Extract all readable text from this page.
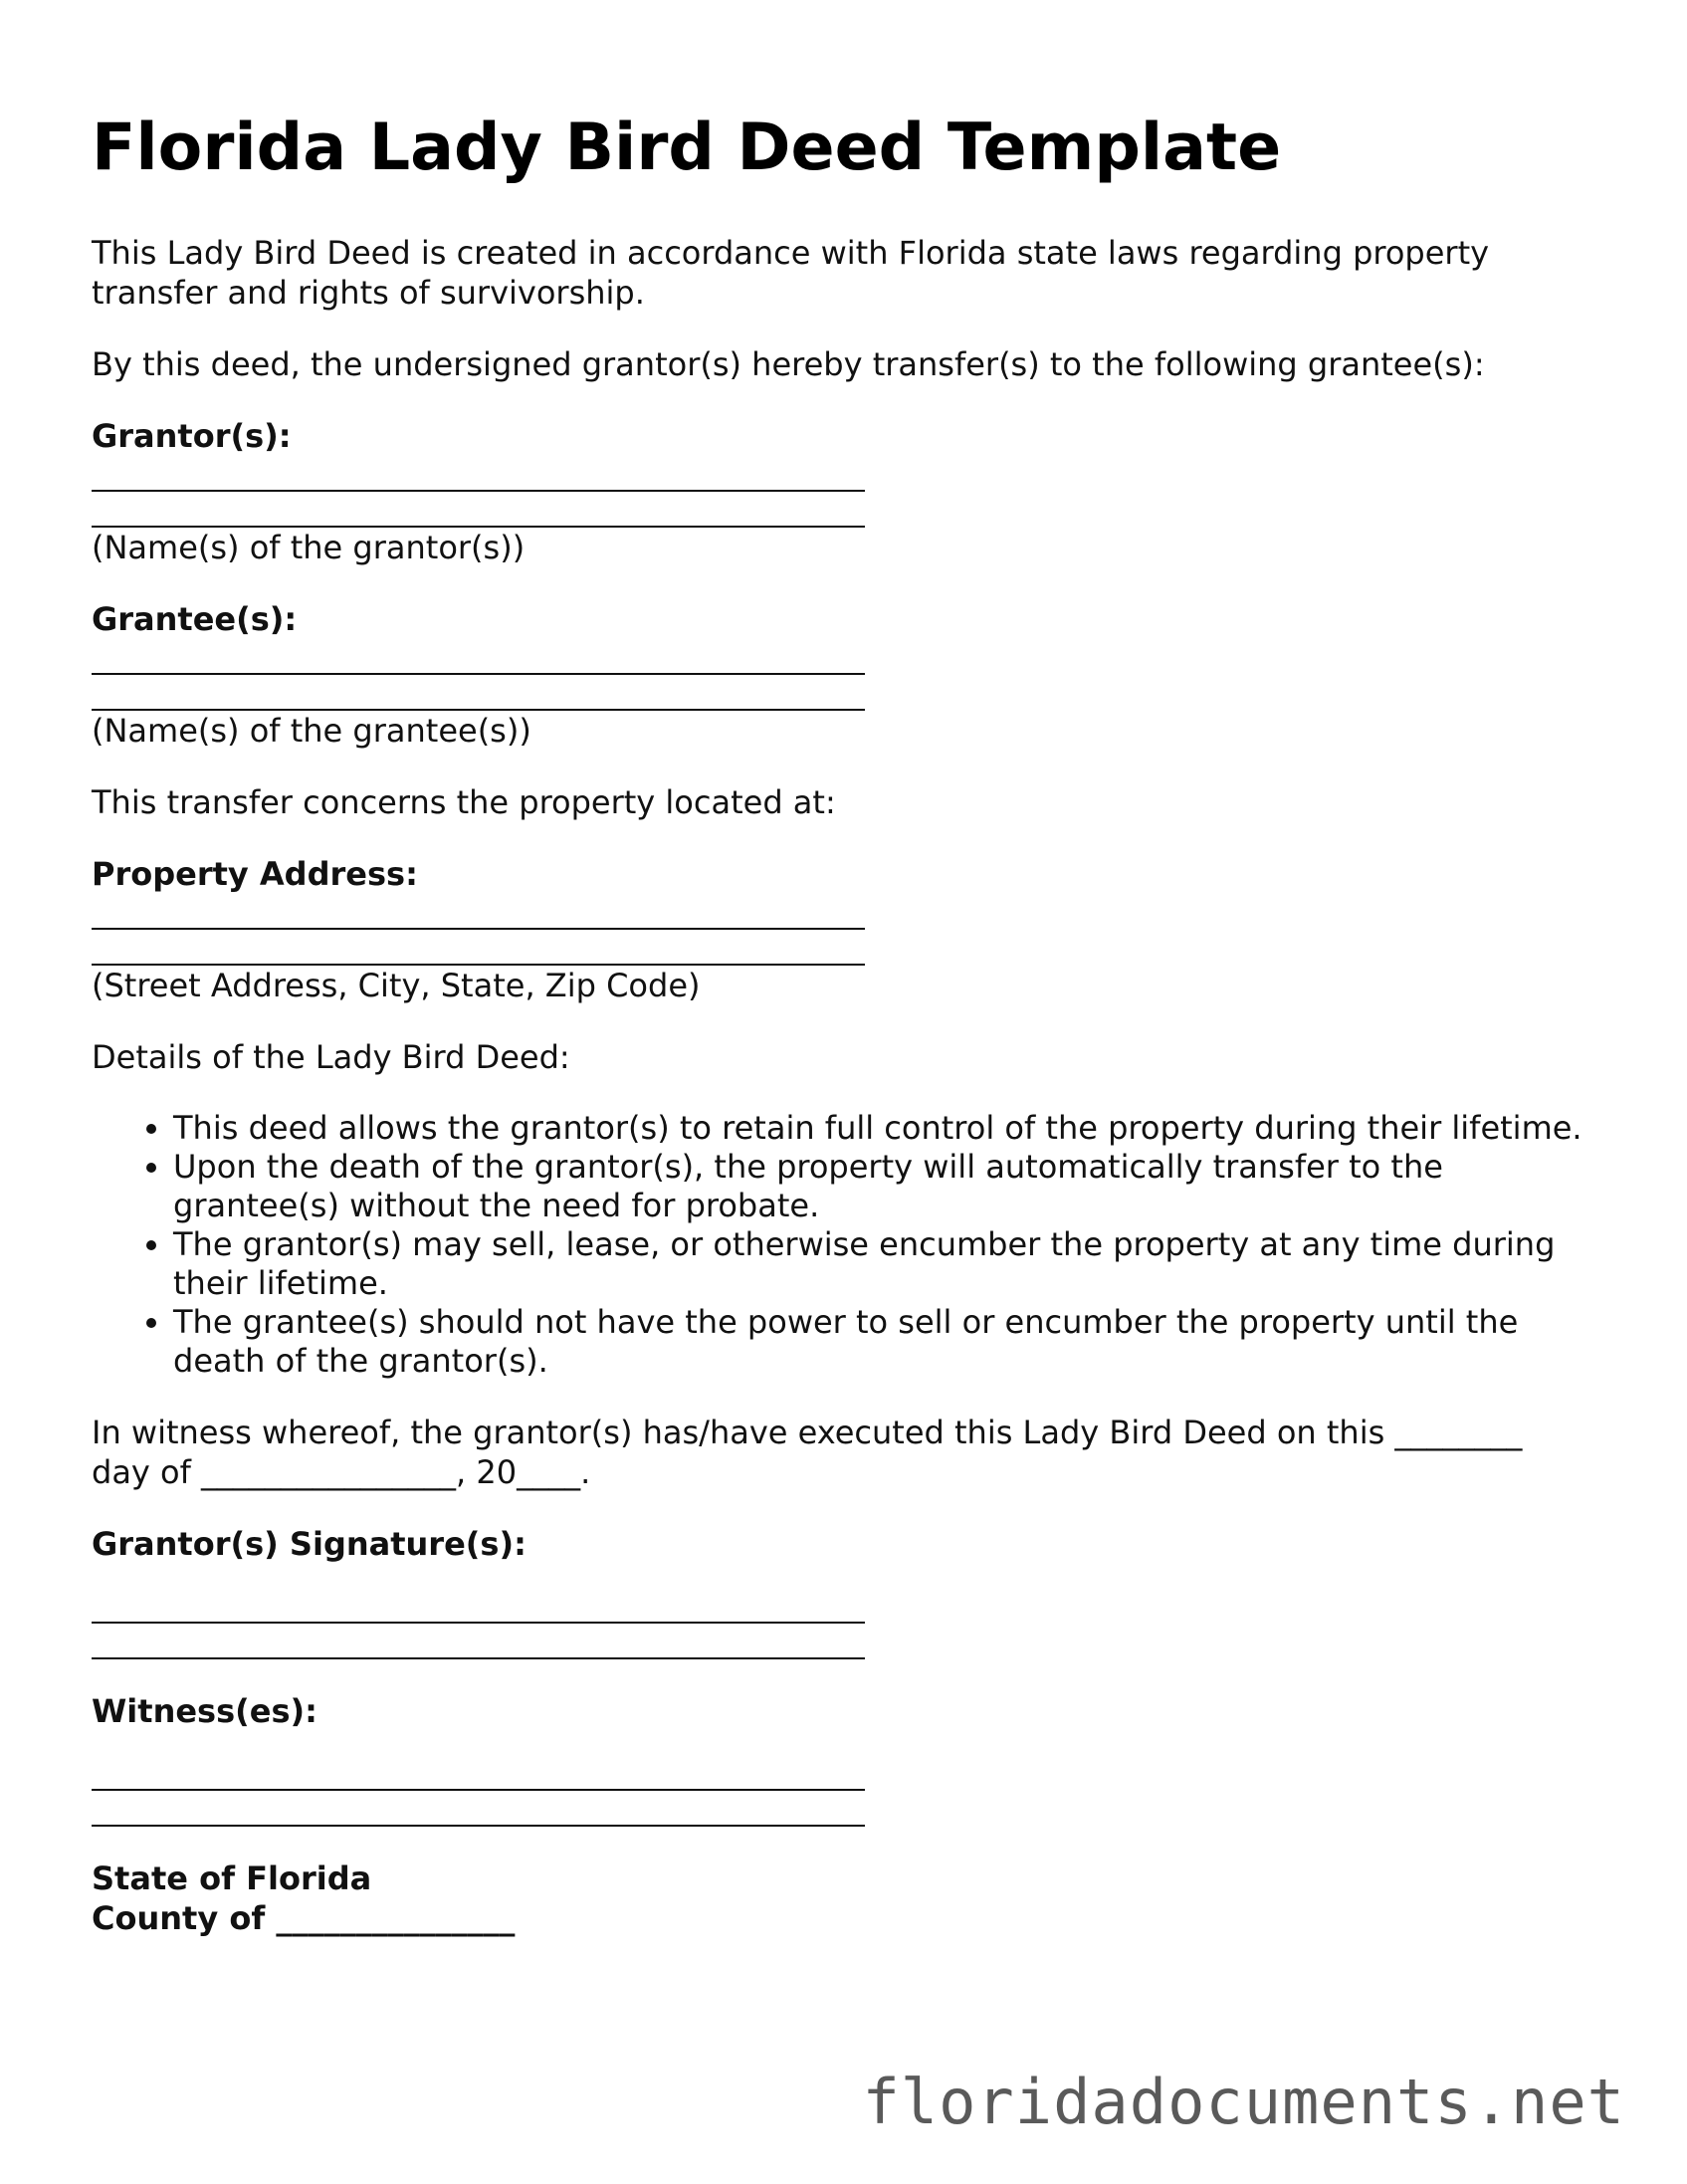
Florida Lady Bird Deed Template

This Lady Bird Deed is created in accordance with Florida state laws regarding property transfer and rights of survivorship.

By this deed, the undersigned grantor(s) hereby transfer(s) to the following grantee(s):

Grantor(s):
(Name(s) of the grantor(s))
Grantee(s):
(Name(s) of the grantee(s))

This transfer concerns the property located at:

Property Address:
(Street Address, City, State, Zip Code)

Details of the Lady Bird Deed:

• This deed allows the grantor(s) to retain full control of the property during their lifetime.
• Upon the death of the grantor(s), the property will automatically transfer to the grantee(s) without the need for probate.
• The grantor(s) may sell, lease, or otherwise encumber the property at any time during their lifetime.
• The grantee(s) should not have the power to sell or encumber the property until the death of the grantor(s).

In witness whereof, the grantor(s) has/have executed this Lady Bird Deed on this ________ day of ________________, 20____.

Grantor(s) Signature(s):
Witness(es):
State of Florida
County of _______________
floridadocuments.net
